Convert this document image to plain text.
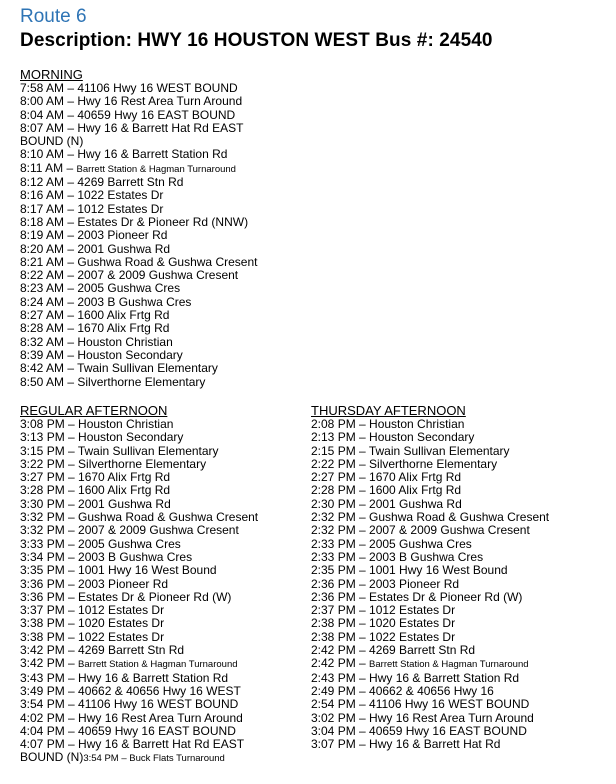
Route 6
Description: HWY 16 HOUSTON WEST Bus #: 24540
MORNING
7:58 AM – 41106 Hwy 16 WEST BOUND
8:00 AM – Hwy 16 Rest Area Turn Around
8:04 AM – 40659 Hwy 16 EAST BOUND
8:07 AM – Hwy 16 & Barrett Hat Rd EAST
BOUND (N)
8:10 AM – Hwy 16 & Barrett Station Rd
8:11 AM – Barrett Station & Hagman Turnaround
8:12 AM – 4269 Barrett Stn Rd
8:16 AM – 1022 Estates Dr
8:17 AM – 1012 Estates Dr
8:18 AM – Estates Dr & Pioneer Rd (NNW)
8:19 AM – 2003 Pioneer Rd
8:20 AM – 2001 Gushwa Rd
8:21 AM – Gushwa Road & Gushwa Cresent
8:22 AM – 2007 & 2009 Gushwa Cresent
8:23 AM – 2005 Gushwa Cres
8:24 AM – 2003 B Gushwa Cres
8:27 AM – 1600 Alix Frtg Rd
8:28 AM – 1670 Alix Frtg Rd
8:32 AM – Houston Christian
8:39 AM – Houston Secondary
8:42 AM – Twain Sullivan Elementary
8:50 AM – Silverthorne Elementary
REGULAR AFTERNOON
3:08 PM – Houston Christian
3:13 PM – Houston Secondary
3:15 PM – Twain Sullivan Elementary
3:22 PM – Silverthorne Elementary
3:27 PM – 1670 Alix Frtg Rd
3:28 PM – 1600 Alix Frtg Rd
3:30 PM – 2001 Gushwa Rd
3:32 PM – Gushwa Road & Gushwa Cresent
3:32 PM – 2007 & 2009 Gushwa Cresent
3:33 PM – 2005 Gushwa Cres
3:34 PM – 2003 B Gushwa Cres
3:35 PM – 1001 Hwy 16 West Bound
3:36 PM – 2003 Pioneer Rd
3:36 PM – Estates Dr & Pioneer Rd (W)
3:37 PM – 1012 Estates Dr
3:38 PM – 1020 Estates Dr
3:38 PM – 1022 Estates Dr
3:42 PM – 4269 Barrett Stn Rd
3:42 PM – Barrett Station & Hagman Turnaround
3:43 PM – Hwy 16 & Barrett Station Rd
3:49 PM – 40662 & 40656 Hwy 16 WEST
3:54 PM – 41106 Hwy 16 WEST BOUND
4:02 PM – Hwy 16 Rest Area Turn Around
4:04 PM – 40659 Hwy 16 EAST BOUND
4:07 PM – Hwy 16 & Barrett Hat Rd EAST
BOUND (N)3:54 PM – Buck Flats Turnaround
THURSDAY AFTERNOON
2:08 PM – Houston Christian
2:13 PM – Houston Secondary
2:15 PM – Twain Sullivan Elementary
2:22 PM – Silverthorne Elementary
2:27 PM – 1670 Alix Frtg Rd
2:28 PM – 1600 Alix Frtg Rd
2:30 PM – 2001 Gushwa Rd
2:32 PM – Gushwa Road & Gushwa Cresent
2:32 PM – 2007 & 2009 Gushwa Cresent
2:33 PM – 2005 Gushwa Cres
2:33 PM – 2003 B Gushwa Cres
2:35 PM – 1001 Hwy 16 West Bound
2:36 PM – 2003 Pioneer Rd
2:36 PM – Estates Dr & Pioneer Rd (W)
2:37 PM – 1012 Estates Dr
2:38 PM – 1020 Estates Dr
2:38 PM – 1022 Estates Dr
2:42 PM – 4269 Barrett Stn Rd
2:42 PM – Barrett Station & Hagman Turnaround
2:43 PM – Hwy 16 & Barrett Station Rd
2:49 PM – 40662 & 40656 Hwy 16
2:54 PM – 41106 Hwy 16 WEST BOUND
3:02 PM – Hwy 16 Rest Area Turn Around
3:04 PM – 40659 Hwy 16 EAST BOUND
3:07 PM – Hwy 16 & Barrett Hat Rd
